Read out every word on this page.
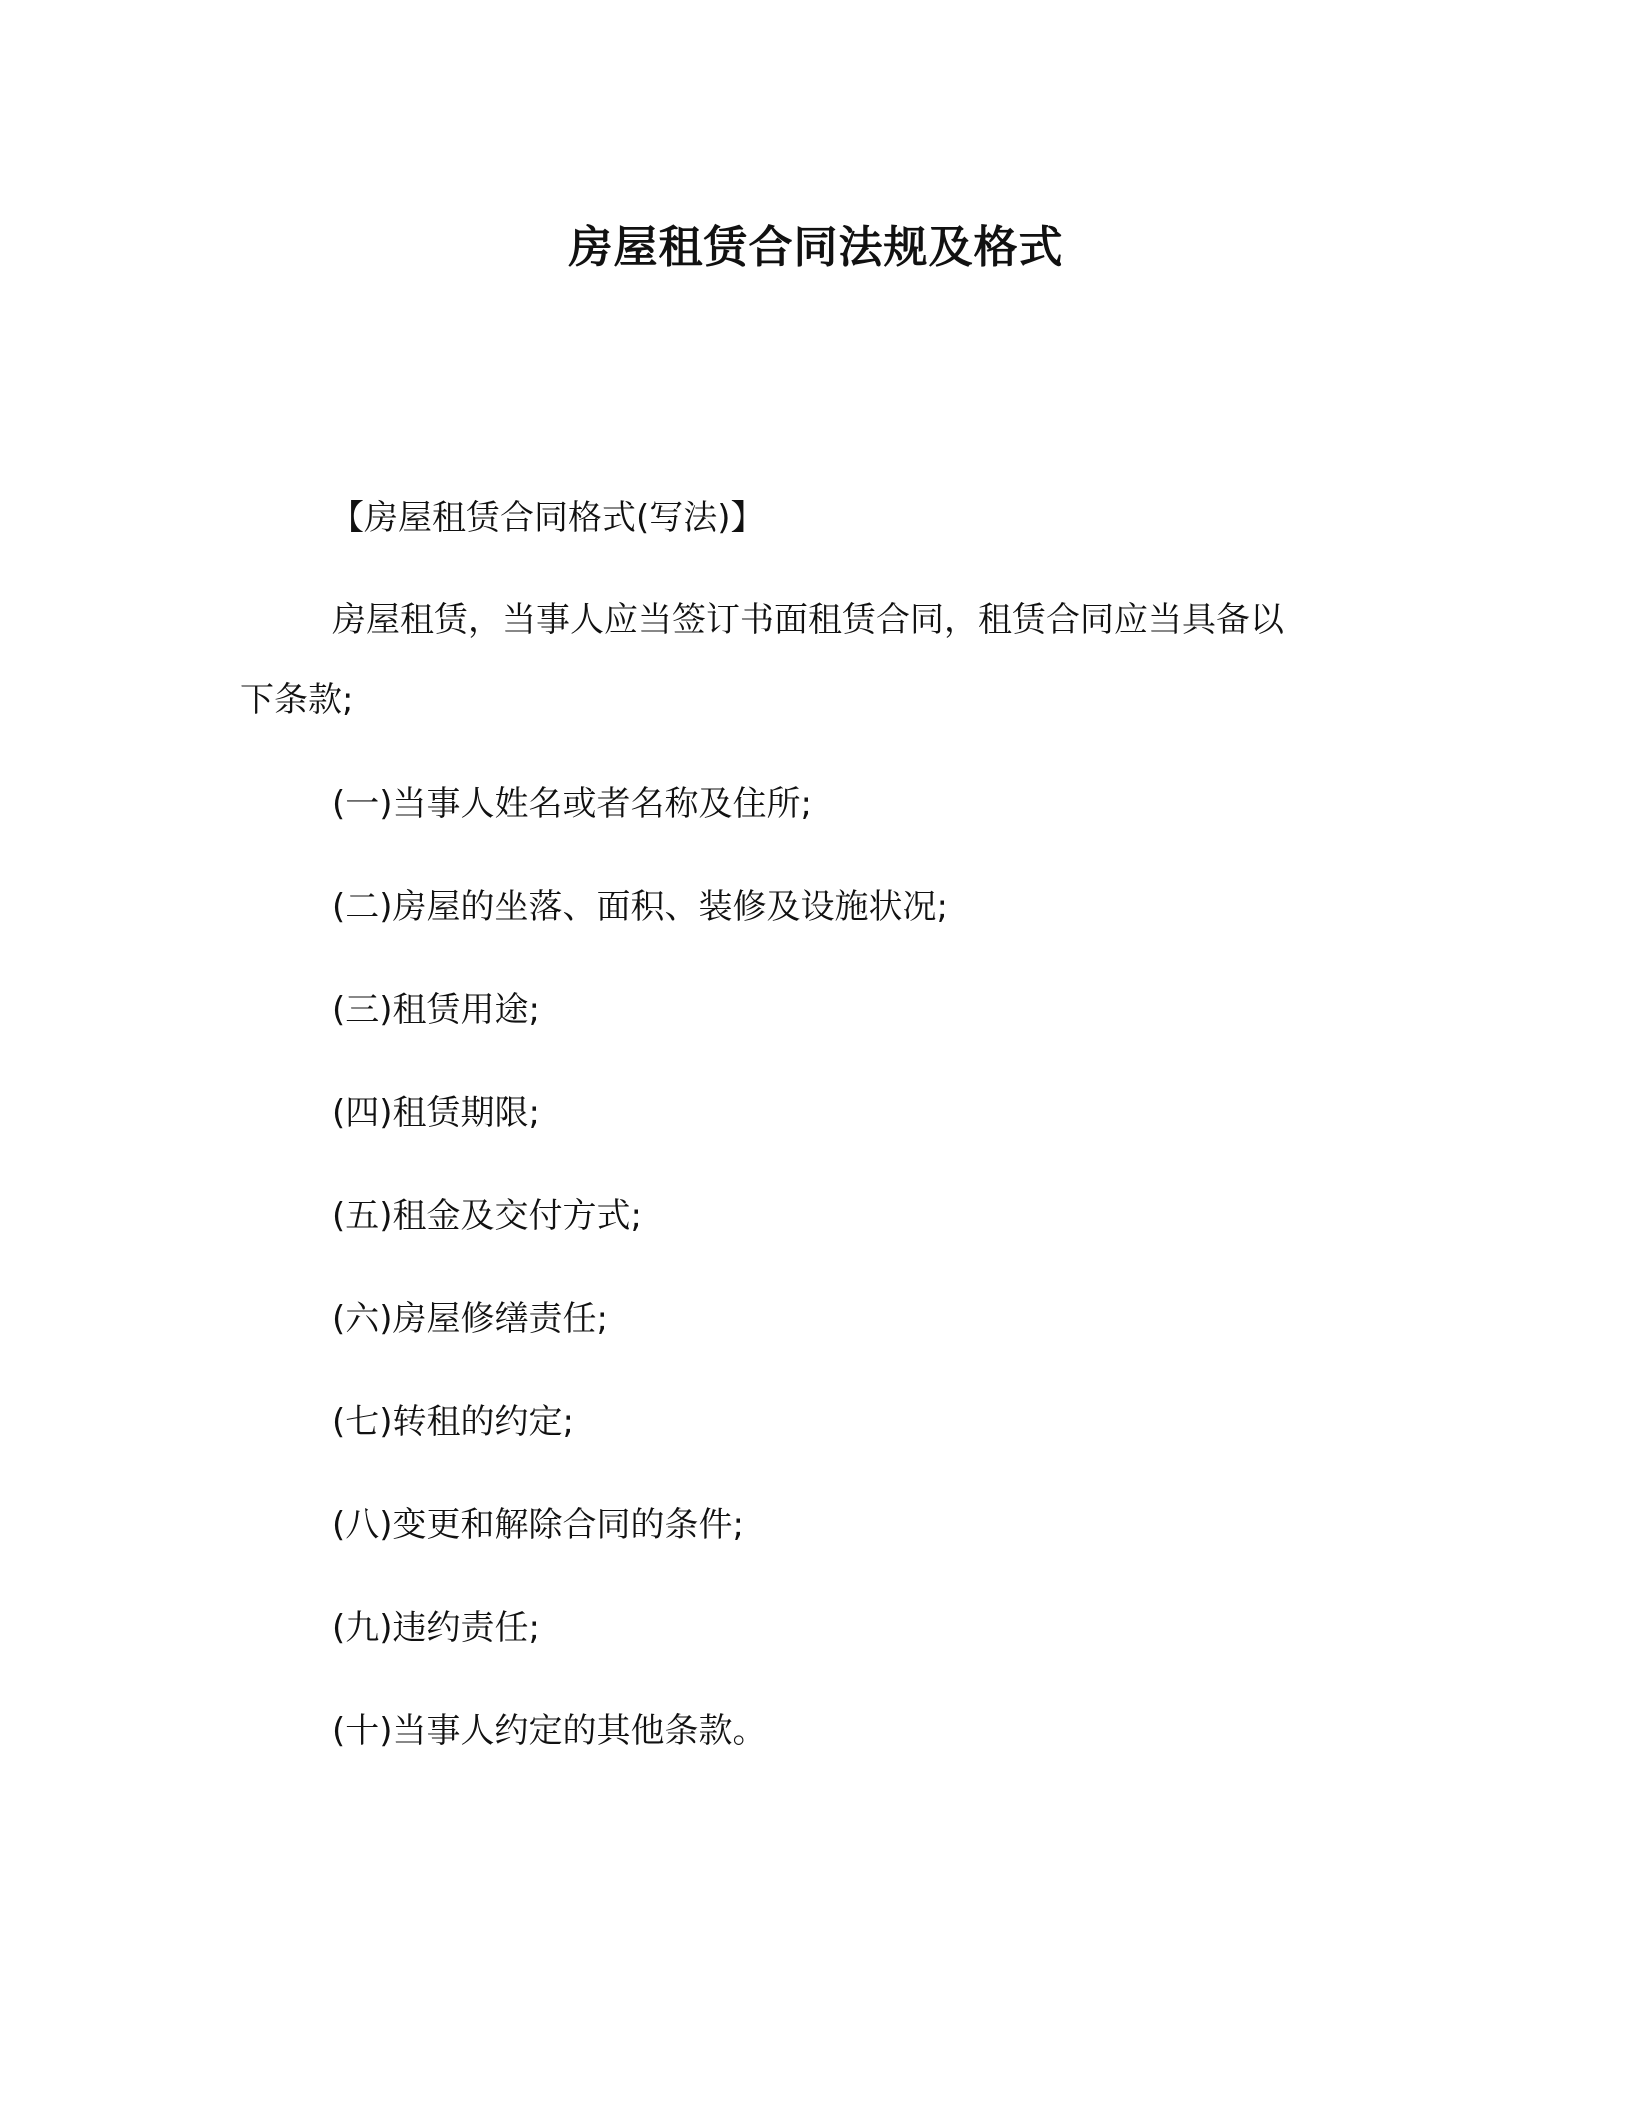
房屋租赁合同法规及格式
【房屋租赁合同格式(写法)】
房屋租赁，当事人应当签订书面租赁合同，租赁合同应当具备以
下条款;
(一)当事人姓名或者名称及住所;
(二)房屋的坐落、面积、装修及设施状况;
(三)租赁用途;
(四)租赁期限;
(五)租金及交付方式;
(六)房屋修缮责任;
(七)转租的约定;
(八)变更和解除合同的条件;
(九)违约责任;
(十)当事人约定的其他条款。
